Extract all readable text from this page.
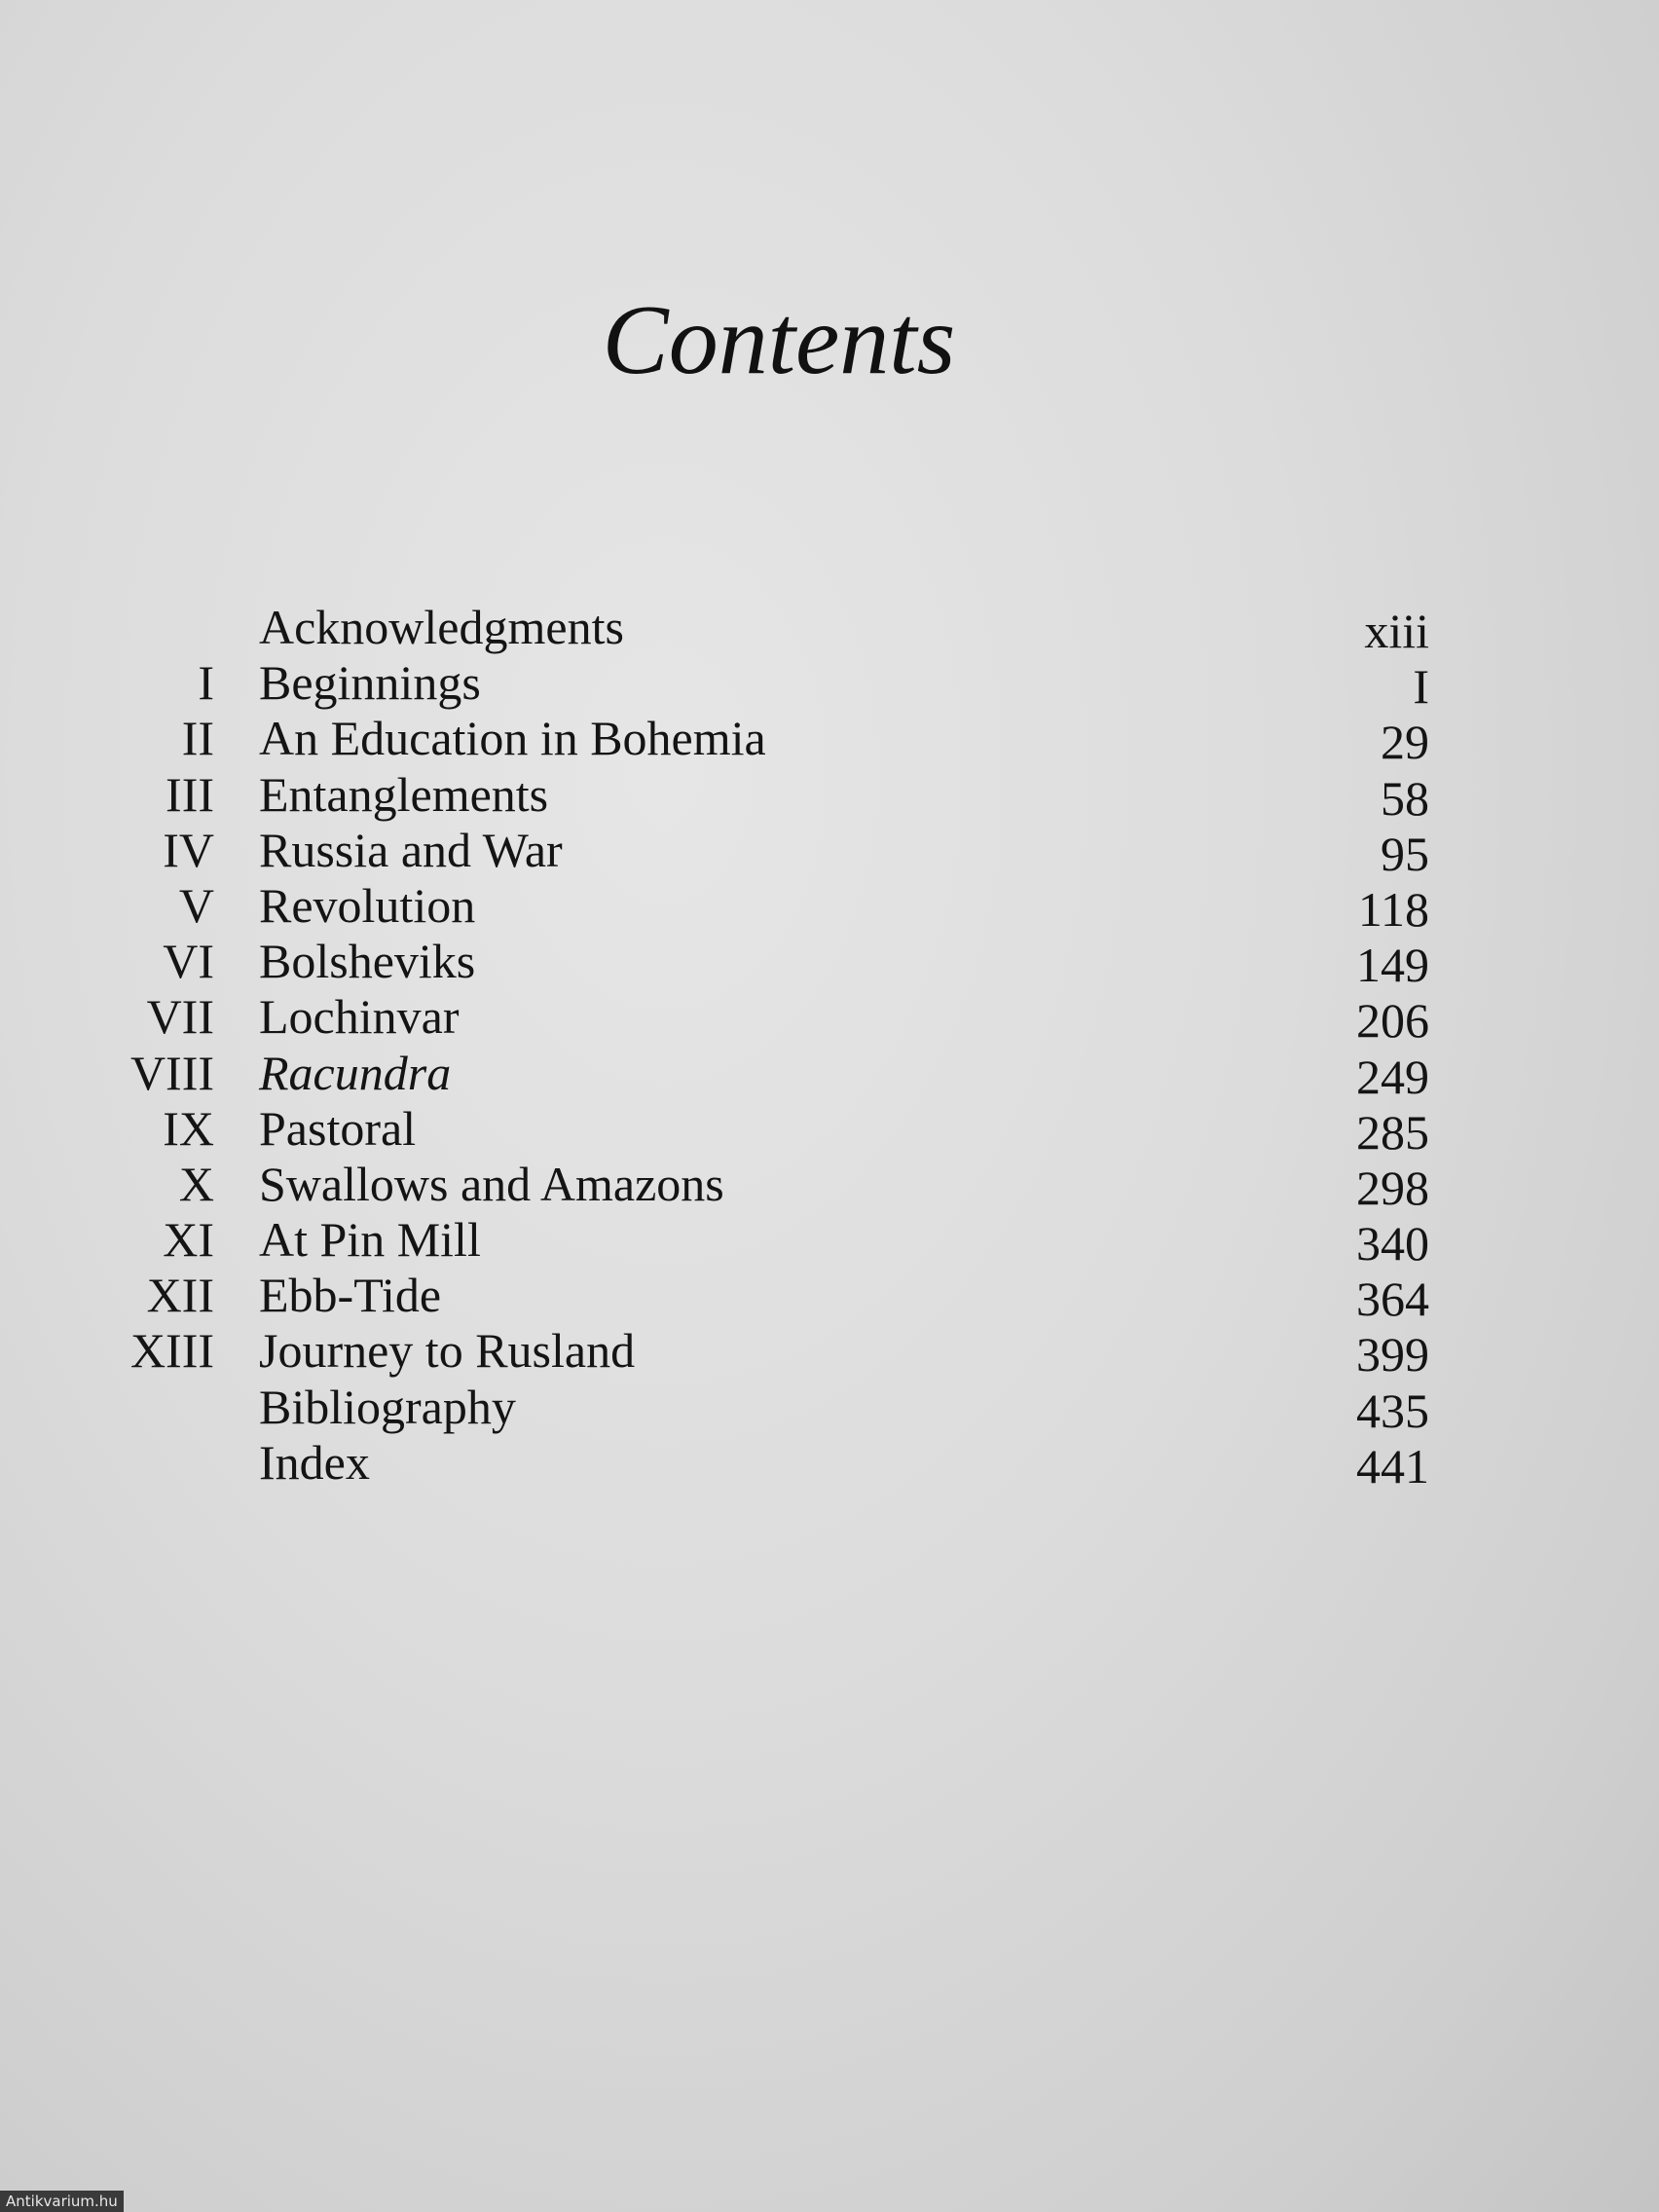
Contents
Acknowledgments	xiii
I Beginnings	I
II An Education in Bohemia	29
III Entanglements	58
IV Russia and War	95
V Revolution	118
VI Bolsheviks	149
VII Lochinvar	206
VIII Racundra	249
IX Pastoral	285
X Swallows and Amazons	298
XI At Pin Mill	340
XII Ebb-Tide	364
XIII Journey to Rusland	399
Bibliography	435
Index	441
Antikvarium.hu
